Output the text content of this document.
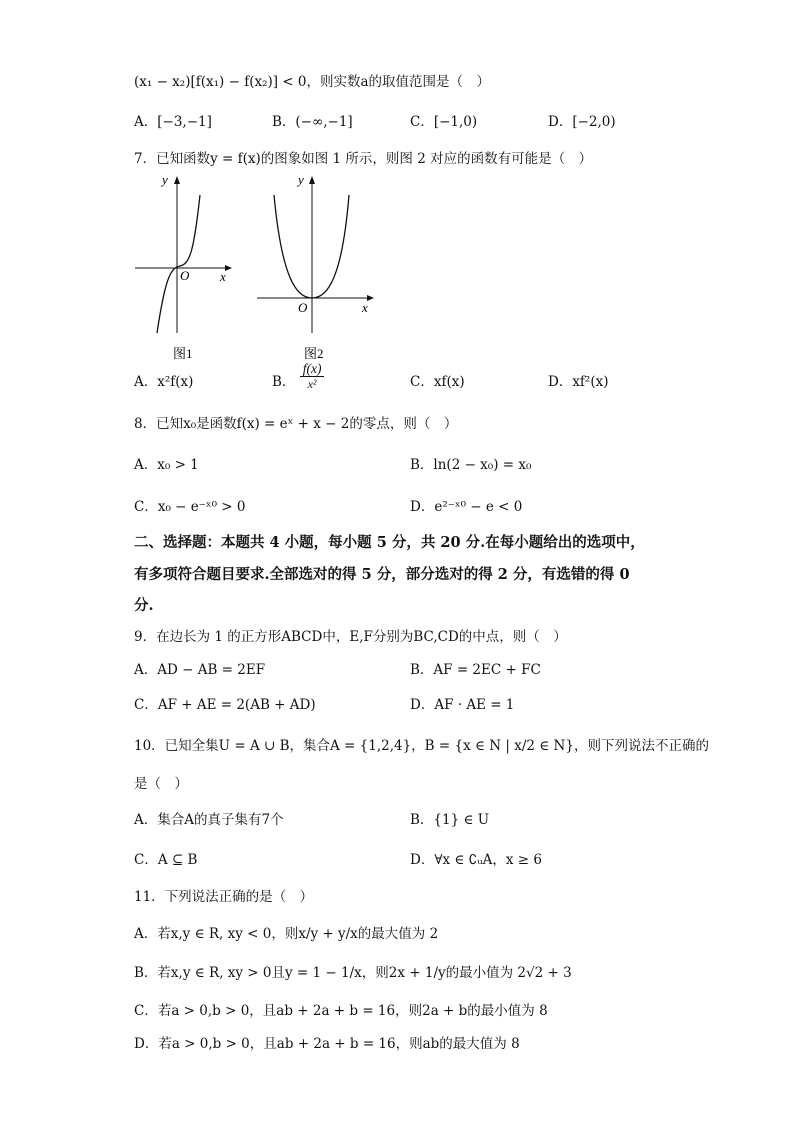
(x₁ − x₂)[f(x₁) − f(x₂)] < 0，则实数a的取值范围是（　）
A．[−3,−1]	B．(−∞,−1]	C．[−1,0)	D．[−2,0)
7．已知函数y = f(x)的图象如图 1 所示，则图 2 对应的函数有可能是（　）
y
x
O
图1
y
x
O
图2
A．x²f(x)	B． $\frac{f(x)}{\text{x²}}$	C．xf(x)	D．xf²(x)
8．已知x₀是函数f(x) = eˣ + x − 2的零点，则（　）
A．x₀ > 1	B．ln(2 − x₀) = x₀
C．x₀ − e⁻ˣ⁰ > 0	D．e²⁻ˣ⁰ − e < 0
二、选择题：本题共 4 小题，每小题 5 分，共 20 分.在每小题给出的选项中，
有多项符合题目要求.全部选对的得 5 分，部分选对的得 2 分，有选错的得 0
分.
9．在边长为 1 的正方形ABCD中，E,F分别为BC,CD的中点，则（　）
A．AD − AB = 2EF	B．AF = 2EC + FC
C．AF + AE = 2(AB + AD)	D．AF · AE = 1
10．已知全集U = A ∪ B，集合A = {1,2,4}，B = {x ∈ N | x/2 ∈ N}，则下列说法不正确的
是（　）
A．集合A的真子集有7个	B．{1} ∈ U
C．A ⊆ B	D．∀x ∈ ∁ᵤA，x ≥ 6
11．下列说法正确的是（　）
A．若x,y ∈ R, xy < 0，则x/y + y/x的最大值为 2
B．若x,y ∈ R, xy > 0且y = 1 − 1/x，则2x + 1/y的最小值为 2√2 + 3
C．若a > 0,b > 0，且ab + 2a + b = 16，则2a + b的最小值为 8
D．若a > 0,b > 0，且ab + 2a + b = 16，则ab的最大值为 8
